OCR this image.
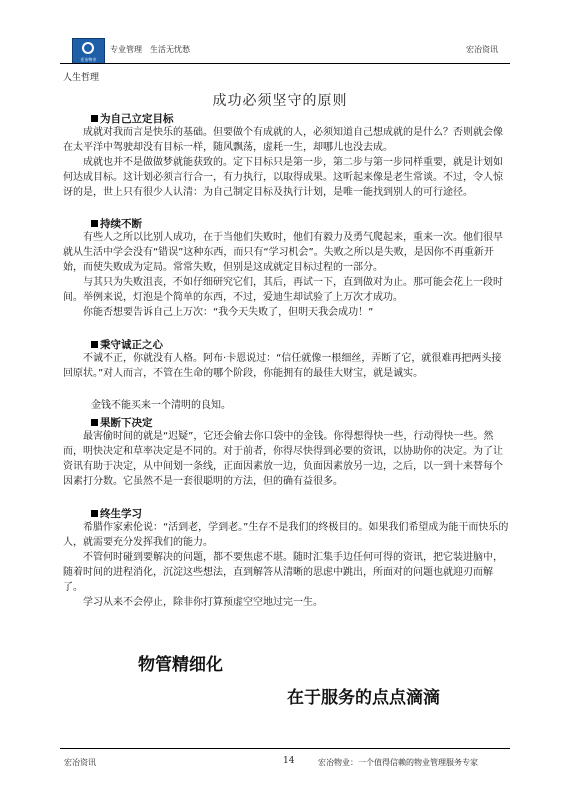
宏冶物业
专业管理　生活无忧愁	宏冶资讯
人生哲理
成功必须坚守的原则
为自己立定目标

成就对我而言是快乐的基础。但要做个有成就的人，必须知道自己想成就的是什么？否则就会像在太平洋中驾驶却没有目标一样，随风飘荡，虚耗一生，却哪儿也没去成。

成就也并不是做做梦就能获致的。定下目标只是第一步，第二步与第一步同样重要，就是计划如何达成目标。这计划必须言行合一，有力执行，以取得成果。这听起来像是老生常谈。不过，令人惊讶的是，世上只有很少人认清：为自己制定目标及执行计划，是唯一能找到别人的可行途径。

持续不断

有些人之所以比别人成功，在于当他们失败时，他们有毅力及勇气爬起来，重来一次。他们很早就从生活中学会没有“错误”这种东西，而只有“学习机会”。失败之所以是失败，是因你不再重新开始，而使失败成为定局。常常失败，但别是这成就定目标过程的一部分。

与其只为失败沮丧，不如仔细研究它们，其后，再试一下，直到做对为止。那可能会花上一段时间。举例来说，灯泡是个简单的东西，不过，爱迪生却试验了上万次才成功。

你能否想要告诉自己上万次：“我今天失败了，但明天我会成功！”

秉守诚正之心

不诚不正，你就没有人格。阿布·卡恩说过：“信任就像一根细丝，弄断了它，就很难再把两头接回原状。”对人而言，不管在生命的哪个阶段，你能拥有的最佳大财宝，就是诚实。

金钱不能买来一个清明的良知。
果断下决定

最害偷时间的就是“迟疑”，它还会偷去你口袋中的金钱。你得想得快一些，行动得快一些。然而，明快决定和草率决定是不同的。对于前者，你得尽快得到必要的资讯，以协助你的决定。为了让资讯有助于决定，从中间划一条线，正面因素放一边，负面因素放另一边，之后，以一到十来替每个因素打分数。它虽然不是一套很聪明的方法，但的确有益很多。

终生学习

希腊作家索伦说：“活到老，学到老。”生存不是我们的终极目的。如果我们希望成为能干而快乐的人，就需要充分发挥我们的能力。

不管何时碰到要解决的问题，都不要焦虑不堪。随时汇集手边任何可得的资讯，把它装进脑中，随着时间的进程消化，沉淀这些想法，直到解答从清晰的思虑中跳出，所面对的问题也就迎刃而解了。

学习从来不会停止，除非你打算预虚空空地过完一生。

物管精细化
在于服务的点点滴滴
宏冶资讯	14	宏冶物业：一个值得信赖的物业管理服务专家
